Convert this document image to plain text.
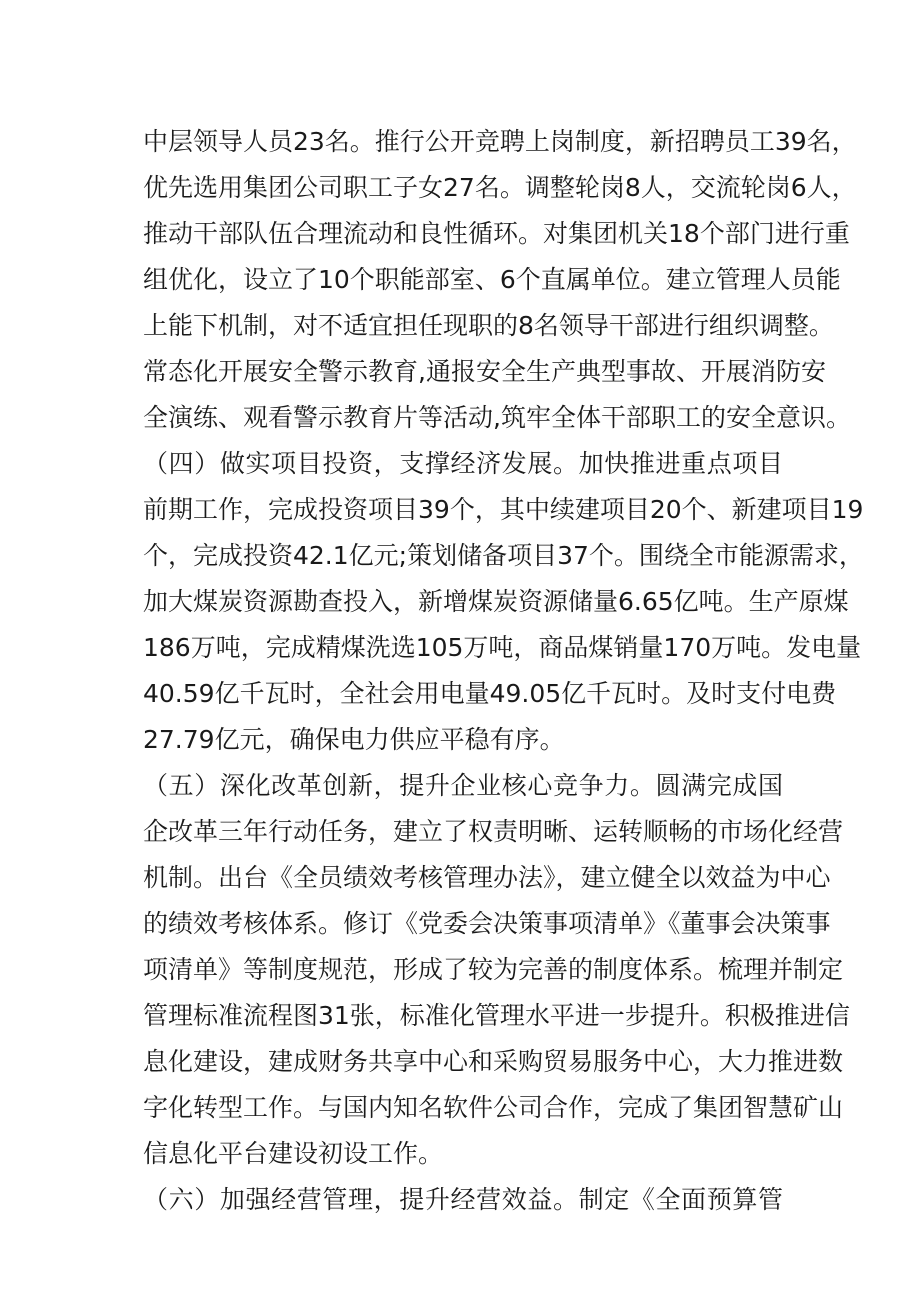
中层领导人员23名。推行公开竞聘上岗制度，新招聘员工39名，
优先选用集团公司职工子女27名。调整轮岗8人，交流轮岗6人，
推动干部队伍合理流动和良性循环。对集团机关18个部门进行重
组优化，设立了10个职能部室、6个直属单位。建立管理人员能
上能下机制，对不适宜担任现职的8名领导干部进行组织调整。
常态化开展安全警示教育,通报安全生产典型事故、开展消防安
全演练、观看警示教育片等活动,筑牢全体干部职工的安全意识。
（四）做实项目投资，支撑经济发展。加快推进重点项目
前期工作，完成投资项目39个，其中续建项目20个、新建项目19
个，完成投资42.1亿元;策划储备项目37个。围绕全市能源需求，
加大煤炭资源勘查投入，新增煤炭资源储量6.65亿吨。生产原煤
186万吨，完成精煤洗选105万吨，商品煤销量170万吨。发电量
40.59亿千瓦时，全社会用电量49.05亿千瓦时。及时支付电费
27.79亿元，确保电力供应平稳有序。
（五）深化改革创新，提升企业核心竞争力。圆满完成国
企改革三年行动任务，建立了权责明晰、运转顺畅的市场化经营
机制。出台《全员绩效考核管理办法》，建立健全以效益为中心
的绩效考核体系。修订《党委会决策事项清单》《董事会决策事
项清单》等制度规范，形成了较为完善的制度体系。梳理并制定
管理标准流程图31张，标准化管理水平进一步提升。积极推进信
息化建设，建成财务共享中心和采购贸易服务中心，大力推进数
字化转型工作。与国内知名软件公司合作，完成了集团智慧矿山
信息化平台建设初设工作。
（六）加强经营管理，提升经营效益。制定《全面预算管
